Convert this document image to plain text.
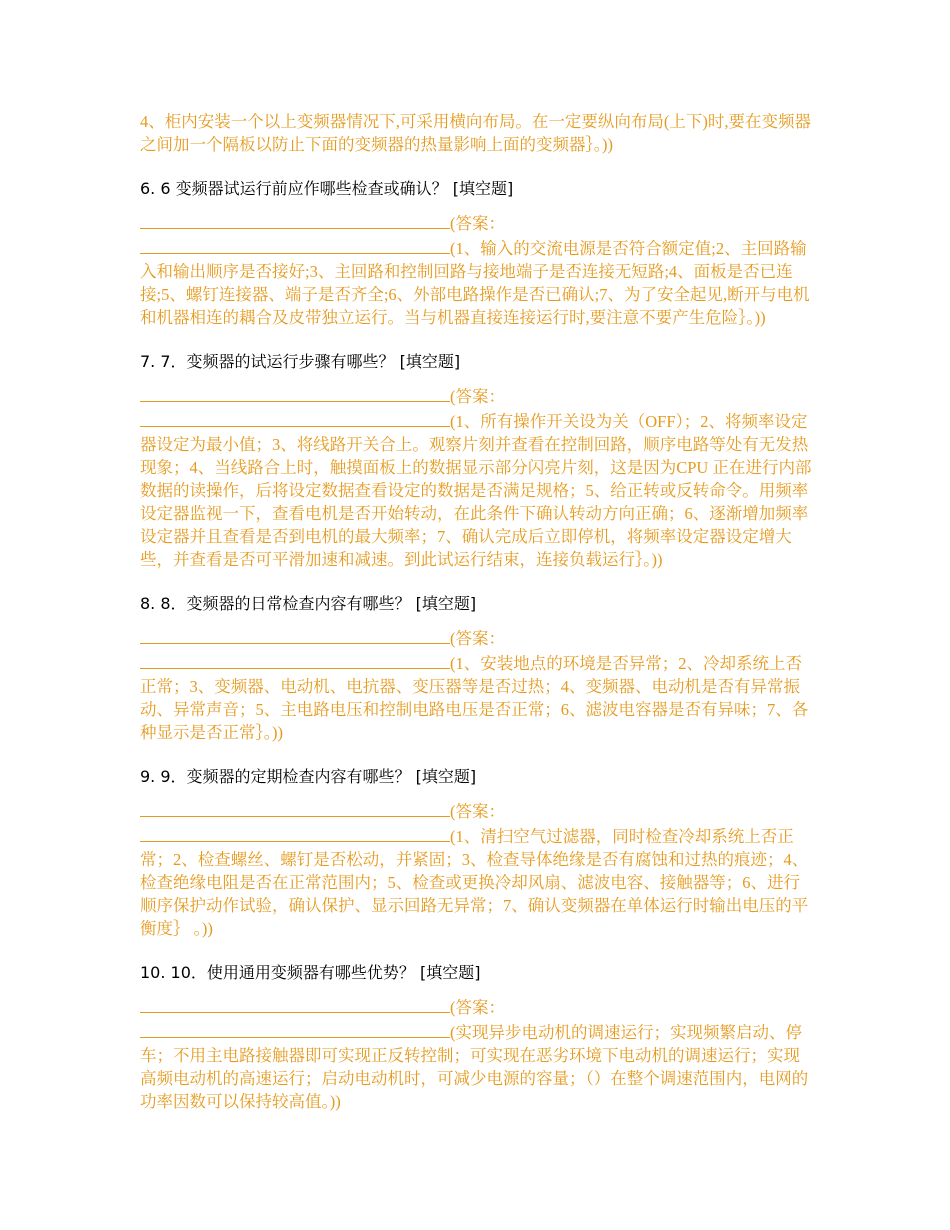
4、柜内安装一个以上变频器情况下,可采用横向布局。在一定要纵向布局(上下)时,要在变频器之间加一个隔板以防止下面的变频器的热量影响上面的变频器｝。))

6. 6 变频器试运行前应作哪些检查或确认？ [填空题]

(答案：
(1、输入的交流电源是否符合额定值;2、主回路输入和输出顺序是否接好;3、主回路和控制回路与接地端子是否连接无短路;4、面板是否已连接;5、螺钉连接器、端子是否齐全;6、外部电路操作是否已确认;7、为了安全起见,断开与电机和机器相连的耦合及皮带独立运行。当与机器直接连接运行时,要注意不要产生危险｝。))

7. 7．变频器的试运行步骤有哪些？ [填空题]

(答案：
(1、所有操作开关设为关（OFF）；2、将频率设定器设定为最小值；3、将线路开关合上。观察片刻并查看在控制回路，顺序电路等处有无发热现象；4、当线路合上时，触摸面板上的数据显示部分闪亮片刻，这是因为CPU 正在进行内部数据的读操作，后将设定数据查看设定的数据是否满足规格；5、给正转或反转命令。用频率设定器监视一下，查看电机是否开始转动，在此条件下确认转动方向正确；6、逐渐增加频率设定器并且查看是否到电机的最大频率；7、确认完成后立即停机，将频率设定器设定增大些，并查看是否可平滑加速和减速。到此试运行结束，连接负载运行｝。))

8. 8．变频器的日常检查内容有哪些？ [填空题]

(答案：
(1、安装地点的环境是否异常；2、冷却系统上否正常；3、变频器、电动机、电抗器、变压器等是否过热；4、变频器、电动机是否有异常振动、异常声音；5、主电路电压和控制电路电压是否正常；6、滤波电容器是否有异味；7、各种显示是否正常｝。))

9. 9．变频器的定期检查内容有哪些？ [填空题]

(答案：
(1、清扫空气过滤器，同时检查冷却系统上否正常；2、检查螺丝、螺钉是否松动，并紧固；3、检查导体绝缘是否有腐蚀和过热的痕迹；4、检查绝缘电阻是否在正常范围内；5、检查或更换冷却风扇、滤波电容、接触器等；6、进行顺序保护动作试验，确认保护、显示回路无异常；7、确认变频器在单体运行时输出电压的平衡度｝ 。))

10. 10．使用通用变频器有哪些优势？ [填空题]

(答案：
(实现异步电动机的调速运行；实现频繁启动、停车；不用主电路接触器即可实现正反转控制；可实现在恶劣环境下电动机的调速运行；实现高频电动机的高速运行；启动电动机时，可减少电源的容量；（）在整个调速范围内，电网的功率因数可以保持较高值。))
